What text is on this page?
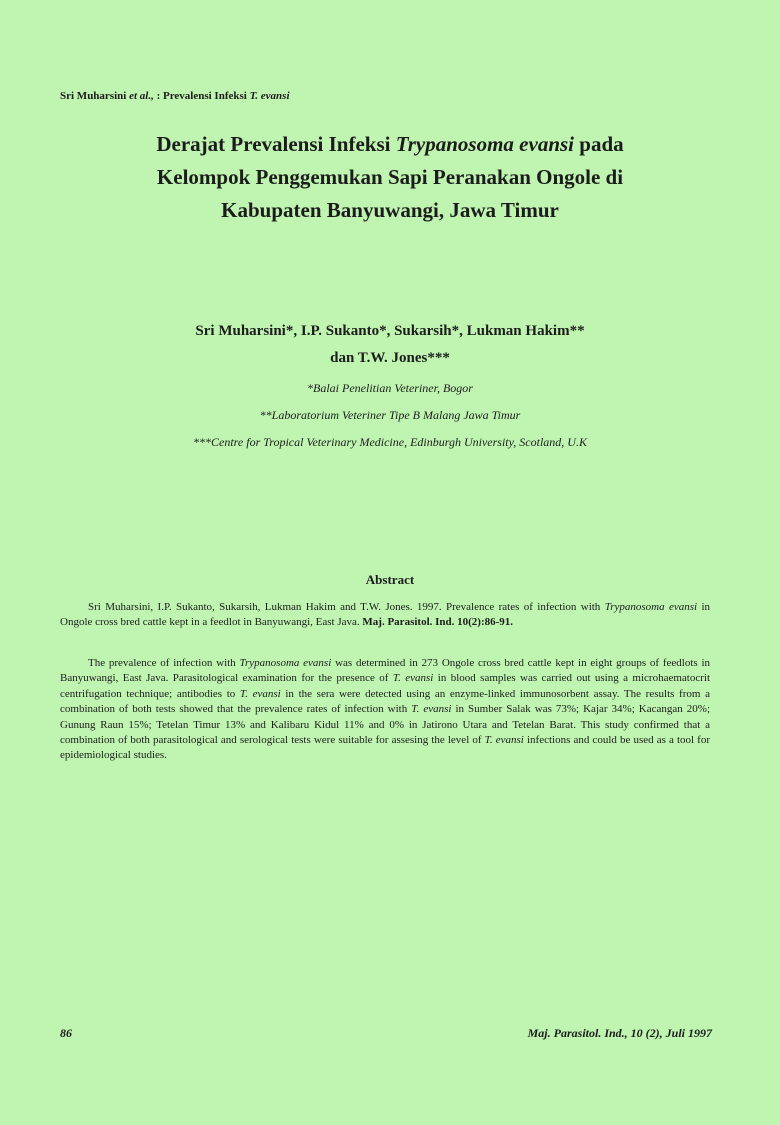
Sri Muharsini et al., : Prevalensi Infeksi T. evansi
Derajat Prevalensi Infeksi Trypanosoma evansi pada
Kelompok Penggemukan Sapi Peranakan Ongole di
Kabupaten Banyuwangi, Jawa Timur
Sri Muharsini*, I.P. Sukanto*, Sukarsih*, Lukman Hakim**
dan T.W. Jones***
*Balai Penelitian Veteriner, Bogor
**Laboratorium Veteriner Tipe B Malang Jawa Timur
***Centre for Tropical Veterinary Medicine, Edinburgh University, Scotland, U.K
Abstract

Sri Muharsini, I.P. Sukanto, Sukarsih, Lukman Hakim and T.W. Jones. 1997. Prevalence rates of infection with Trypanosoma evansi in Ongole cross bred cattle kept in a feedlot in Banyuwangi, East Java. Maj. Parasitol. Ind. 10(2):86-91.

The prevalence of infection with Trypanosoma evansi was determined in 273 Ongole cross bred cattle kept in eight groups of feedlots in Banyuwangi, East Java. Parasitological examination for the presence of T. evansi in blood samples was carried out using a microhaematocrit centrifugation technique; antibodies to T. evansi in the sera were detected using an enzyme-linked immunosorbent assay. The results from a combination of both tests showed that the prevalence rates of infection with T. evansi in Sumber Salak was 73%; Kajar 34%; Kacangan 20%; Gunung Raun 15%; Tetelan Timur 13% and Kalibaru Kidul 11% and 0% in Jatirono Utara and Tetelan Barat. This study confirmed that a combination of both parasitological and serological tests were suitable for assesing the level of T. evansi infections and could be used as a tool for epidemiological studies.

86	Maj. Parasitol. Ind., 10 (2), Juli 1997
